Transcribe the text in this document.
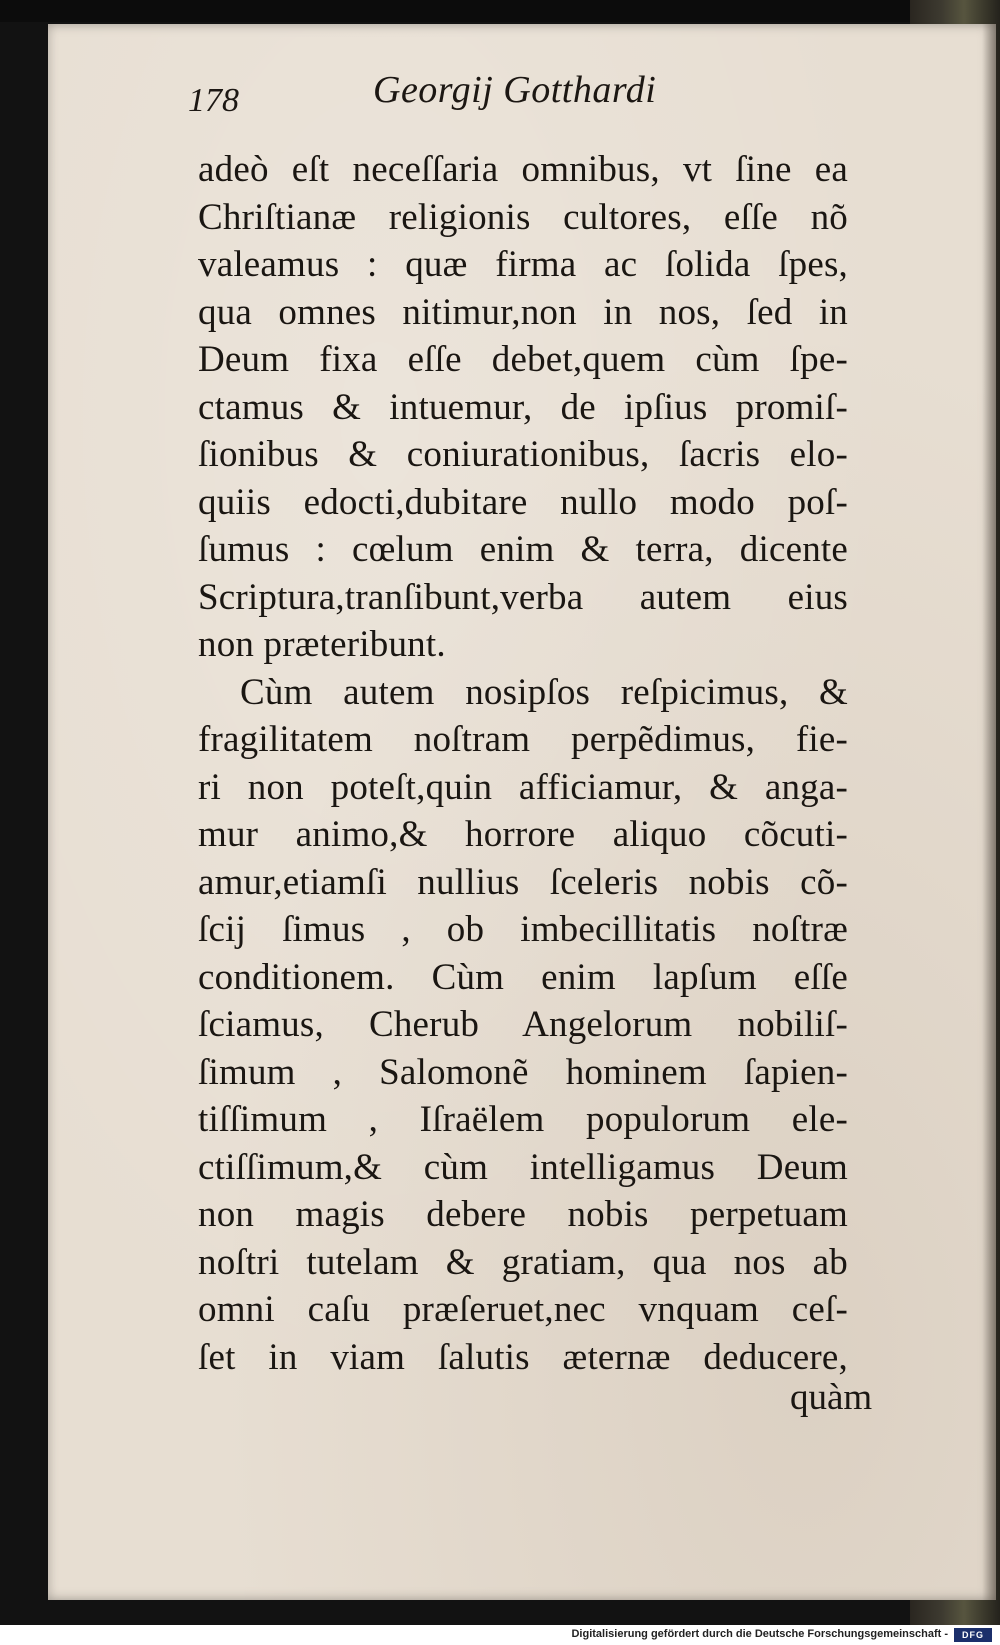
178	Georgij Gotthardi
adeò eſt neceſſaria omnibus, vt ſine ea
Chriſtianæ religionis cultores, eſſe nõ
valeamus : quæ firma ac ſolida ſpes,
qua omnes nitimur,non in nos, ſed in
Deum fixa eſſe debet,quem cùm ſpe-
ctamus & intuemur, de ipſius promiſ-
ſionibus & coniurationibus, ſacris elo-
quiis edocti,dubitare nullo modo poſ-
ſumus : cœlum enim & terra, dicente
Scriptura,tranſibunt,verba autem eius
non præteribunt.
Cùm autem nosipſos reſpicimus, &
fragilitatem noſtram perpẽdimus, fie-
ri non poteſt,quin afficiamur, & anga-
mur animo,& horrore aliquo cõcuti-
amur,etiamſi nullius ſceleris nobis cõ-
ſcij ſimus , ob imbecillitatis noſtræ
conditionem. Cùm enim lapſum eſſe
ſciamus, Cherub Angelorum nobiliſ-
ſimum , Salomonẽ hominem ſapien-
tiſſimum , Iſraëlem populorum ele-
ctiſſimum,& cùm intelligamus Deum
non magis debere nobis perpetuam
noſtri tutelam & gratiam, qua nos ab
omni caſu præſeruet,nec vnquam ceſ-
ſet in viam ſalutis æternæ deducere,
quàm
Digitalisierung gefördert durch die Deutsche Forschungsgemeinschaft -	DFG
